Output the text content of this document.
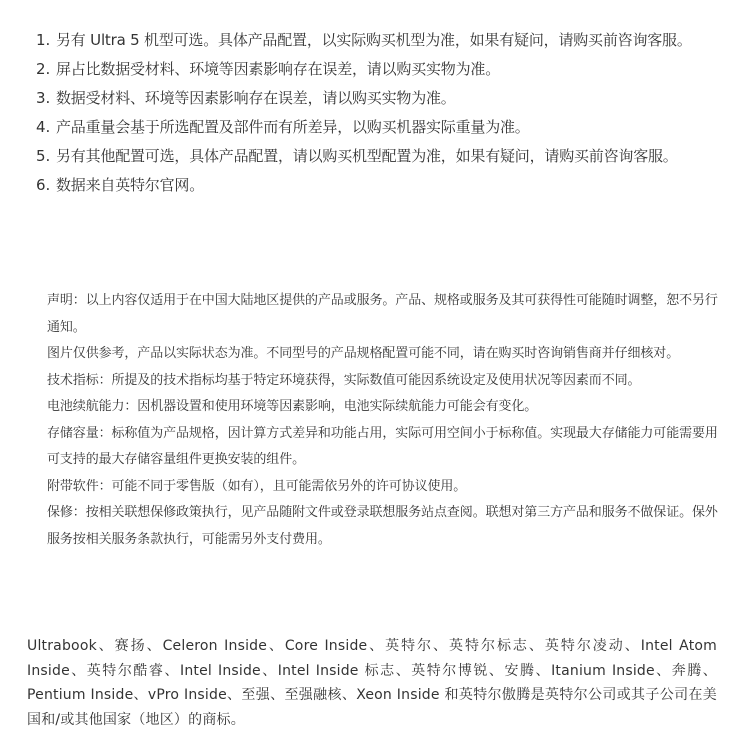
1. 另有 Ultra 5 机型可选。具体产品配置，以实际购买机型为准，如果有疑问，请购买前咨询客服。
2. 屏占比数据受材料、环境等因素影响存在误差，请以购买实物为准。
3. 数据受材料、环境等因素影响存在误差，请以购买实物为准。
4. 产品重量会基于所选配置及部件而有所差异，以购买机器实际重量为准。
5. 另有其他配置可选，具体产品配置，请以购买机型配置为准，如果有疑问，请购买前咨询客服。
6. 数据来自英特尔官网。

声明：以上内容仅适用于在中国大陆地区提供的产品或服务。产品、规格或服务及其可获得性可能随时调整，恕不另行通知。

图片仅供参考，产品以实际状态为准。不同型号的产品规格配置可能不同，请在购买时咨询销售商并仔细核对。

技术指标：所提及的技术指标均基于特定环境获得，实际数值可能因系统设定及使用状况等因素而不同。

电池续航能力：因机器设置和使用环境等因素影响，电池实际续航能力可能会有变化。

存储容量：标称值为产品规格，因计算方式差异和功能占用，实际可用空间小于标称值。实现最大存储能力可能需要用可支持的最大存储容量组件更换安装的组件。

附带软件：可能不同于零售版（如有），且可能需依另外的许可协议使用。

保修：按相关联想保修政策执行，见产品随附文件或登录联想服务站点查阅。联想对第三方产品和服务不做保证。保外服务按相关服务条款执行，可能需另外支付费用。

Ultrabook、赛扬、Celeron Inside、Core Inside、英特尔、英特尔标志、英特尔凌动、Intel Atom Inside、英特尔酷睿、Intel Inside、Intel Inside 标志、英特尔博锐、安腾、Itanium Inside、奔腾、Pentium Inside、vPro Inside、至强、至强融核、Xeon Inside 和英特尔傲腾是英特尔公司或其子公司在美国和/或其他国家（地区）的商标。
